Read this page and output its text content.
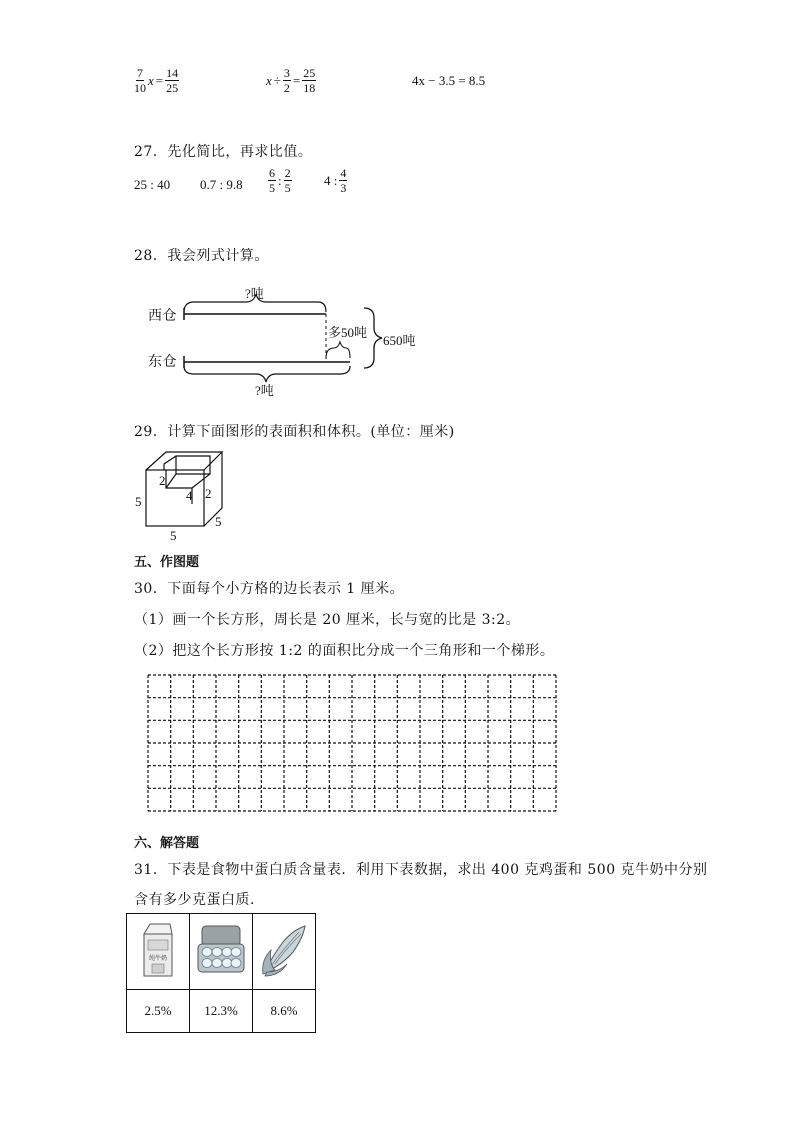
$\frac{7}{10}$ $x = \frac{14}{25}$	$x \div \frac{3}{2} = \frac{25}{18}$	4x − 3.5 = 8.5
27．先化简比，再求比值。
25 : 40 0.7 : $9.8 \frac{6}{5}$ : $\frac{2}{5} 4$ : $\frac{4}{3}$
28．我会列式计算。
?吨
西仓
东仓
多50吨
650吨
?吨
29．计算下面图形的表面积和体积。(单位：厘米)
5
5
5
2
4 2
五、作图题
30．下面每个小方格的边长表示 1 厘米。
（1）画一个长方形，周长是 20 厘米，长与宽的比是 3:2。
（2）把这个长方形按 1:2 的面积比分成一个三角形和一个梯形。
六、解答题
31．下表是食物中蛋白质含量表．利用下表数据，求出 400 克鸡蛋和 500 克牛奶中分别
含有多少克蛋白质．
纯牛奶

2.5%	12.3%	8.6%
